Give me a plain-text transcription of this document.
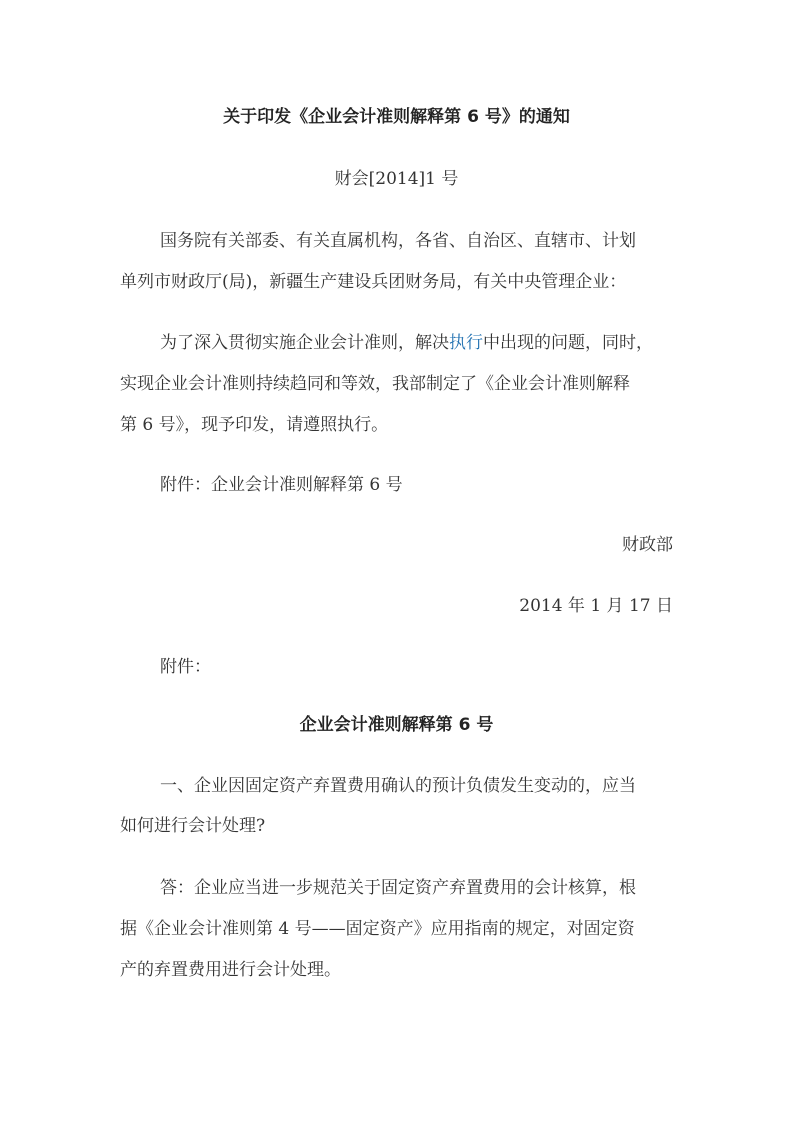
关于印发《企业会计准则解释第 6 号》的通知
财会[2014]1 号
国务院有关部委、有关直属机构，各省、自治区、直辖市、计划
单列市财政厅(局)，新疆生产建设兵团财务局，有关中央管理企业：
为了深入贯彻实施企业会计准则，解决执行中出现的问题，同时，
实现企业会计准则持续趋同和等效，我部制定了《企业会计准则解释
第 6 号》，现予印发，请遵照执行。
附件：企业会计准则解释第 6 号
财政部
2014 年 1 月 17 日
附件：
企业会计准则解释第 6 号
一、企业因固定资产弃置费用确认的预计负债发生变动的，应当
如何进行会计处理?
答：企业应当进一步规范关于固定资产弃置费用的会计核算，根
据《企业会计准则第 4 号——固定资产》应用指南的规定，对固定资
产的弃置费用进行会计处理。
